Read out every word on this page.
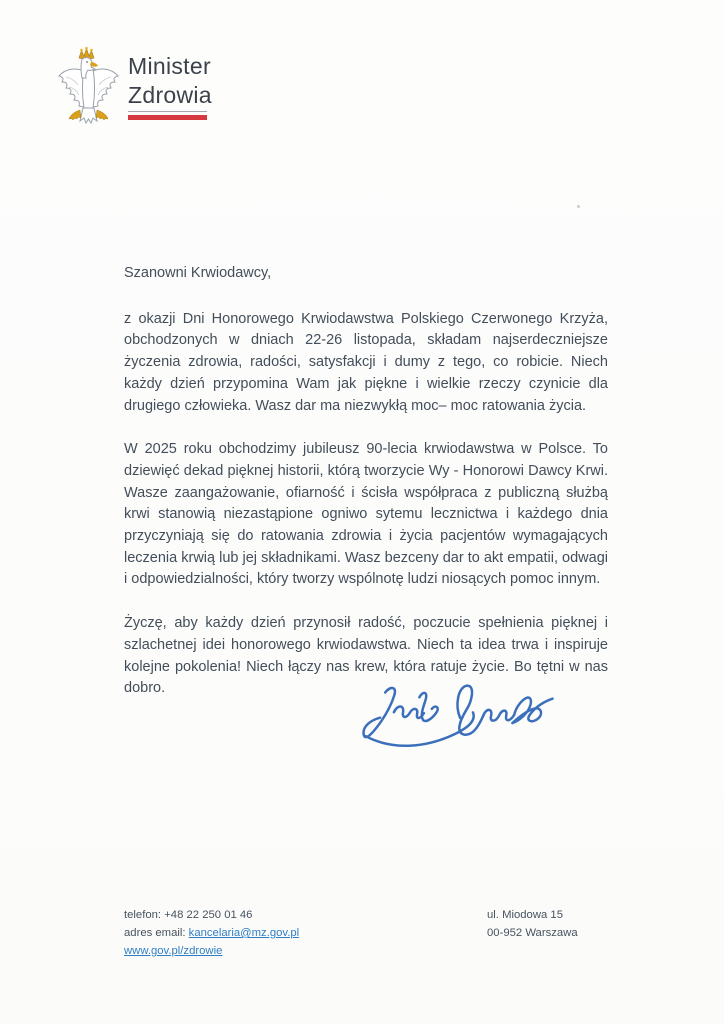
Minister
Zdrowia

Szanowni Krwiodawcy,

z okazji Dni Honorowego Krwiodawstwa Polskiego Czerwonego Krzyża, obchodzonych w dniach 22-26 listopada, składam najserdeczniejsze życzenia zdrowia, radości, satysfakcji i dumy z tego, co robicie. Niech każdy dzień przypomina Wam jak piękne i wielkie rzeczy czynicie dla drugiego człowieka. Wasz dar ma niezwykłą moc– moc ratowania życia.

W 2025 roku obchodzimy jubileusz 90-lecia krwiodawstwa w Polsce. To dziewięć dekad pięknej historii, którą tworzycie Wy - Honorowi Dawcy Krwi. Wasze zaangażowanie, ofiarność i ścisła współpraca z publiczną służbą krwi stanowią niezastąpione ogniwo sytemu lecznictwa i każdego dnia przyczyniają się do ratowania zdrowia i życia pacjentów wymagających leczenia krwią lub jej składnikami. Wasz bezceny dar to akt empatii, odwagi i odpowiedzialności, który tworzy wspólnotę ludzi niosących pomoc innym.

Życzę, aby każdy dzień przynosił radość, poczucie spełnienia pięknej i szlachetnej idei honorowego krwiodawstwa. Niech ta idea trwa i inspiruje kolejne pokolenia! Niech łączy nas krew, która ratuje życie. Bo tętni w nas dobro.

telefon: +48 22 250 01 46
adres email: kancelaria@mz.gov.pl
www.gov.pl/zdrowie
ul. Miodowa 15
00-952 Warszawa
